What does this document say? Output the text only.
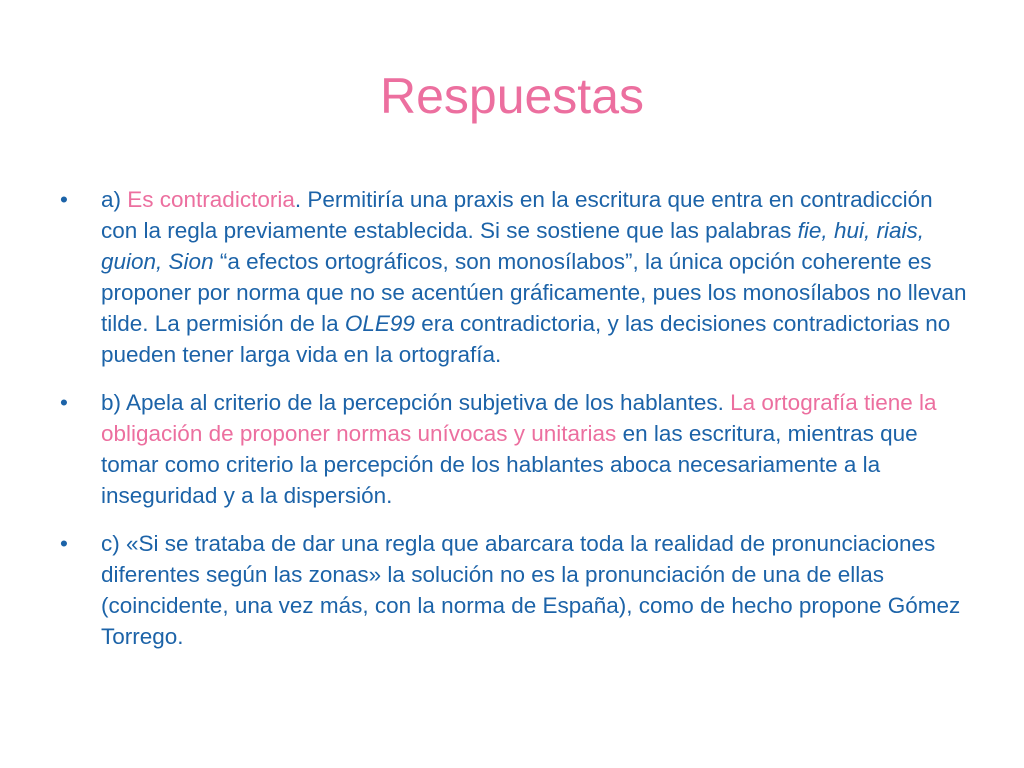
Respuestas
•	a) Es contradictoria. Permitiría una praxis en la escritura que entra en contradicción con la regla previamente establecida. Si se sostiene que las palabras fie, hui, riais, guion, Sion “a efectos ortográficos, son monosílabos”, la única opción coherente es proponer por norma que no se acentúen gráficamente, pues los monosílabos no llevan tilde. La permisión de la OLE99 era contradictoria, y las decisiones contradictorias no pueden tener larga vida en la ortografía.
•	b) Apela al criterio de la percepción subjetiva de los hablantes. La ortografía tiene la obligación de proponer normas unívocas y unitarias en las escritura, mientras que tomar como criterio la percepción de los hablantes aboca necesariamente a la inseguridad y a la dispersión.
•	c) «Si se trataba de dar una regla que abarcara toda la realidad de pronunciaciones diferentes según las zonas» la solución no es la pronunciación de una de ellas (coincidente, una vez más, con la norma de España), como de hecho propone Gómez Torrego.
